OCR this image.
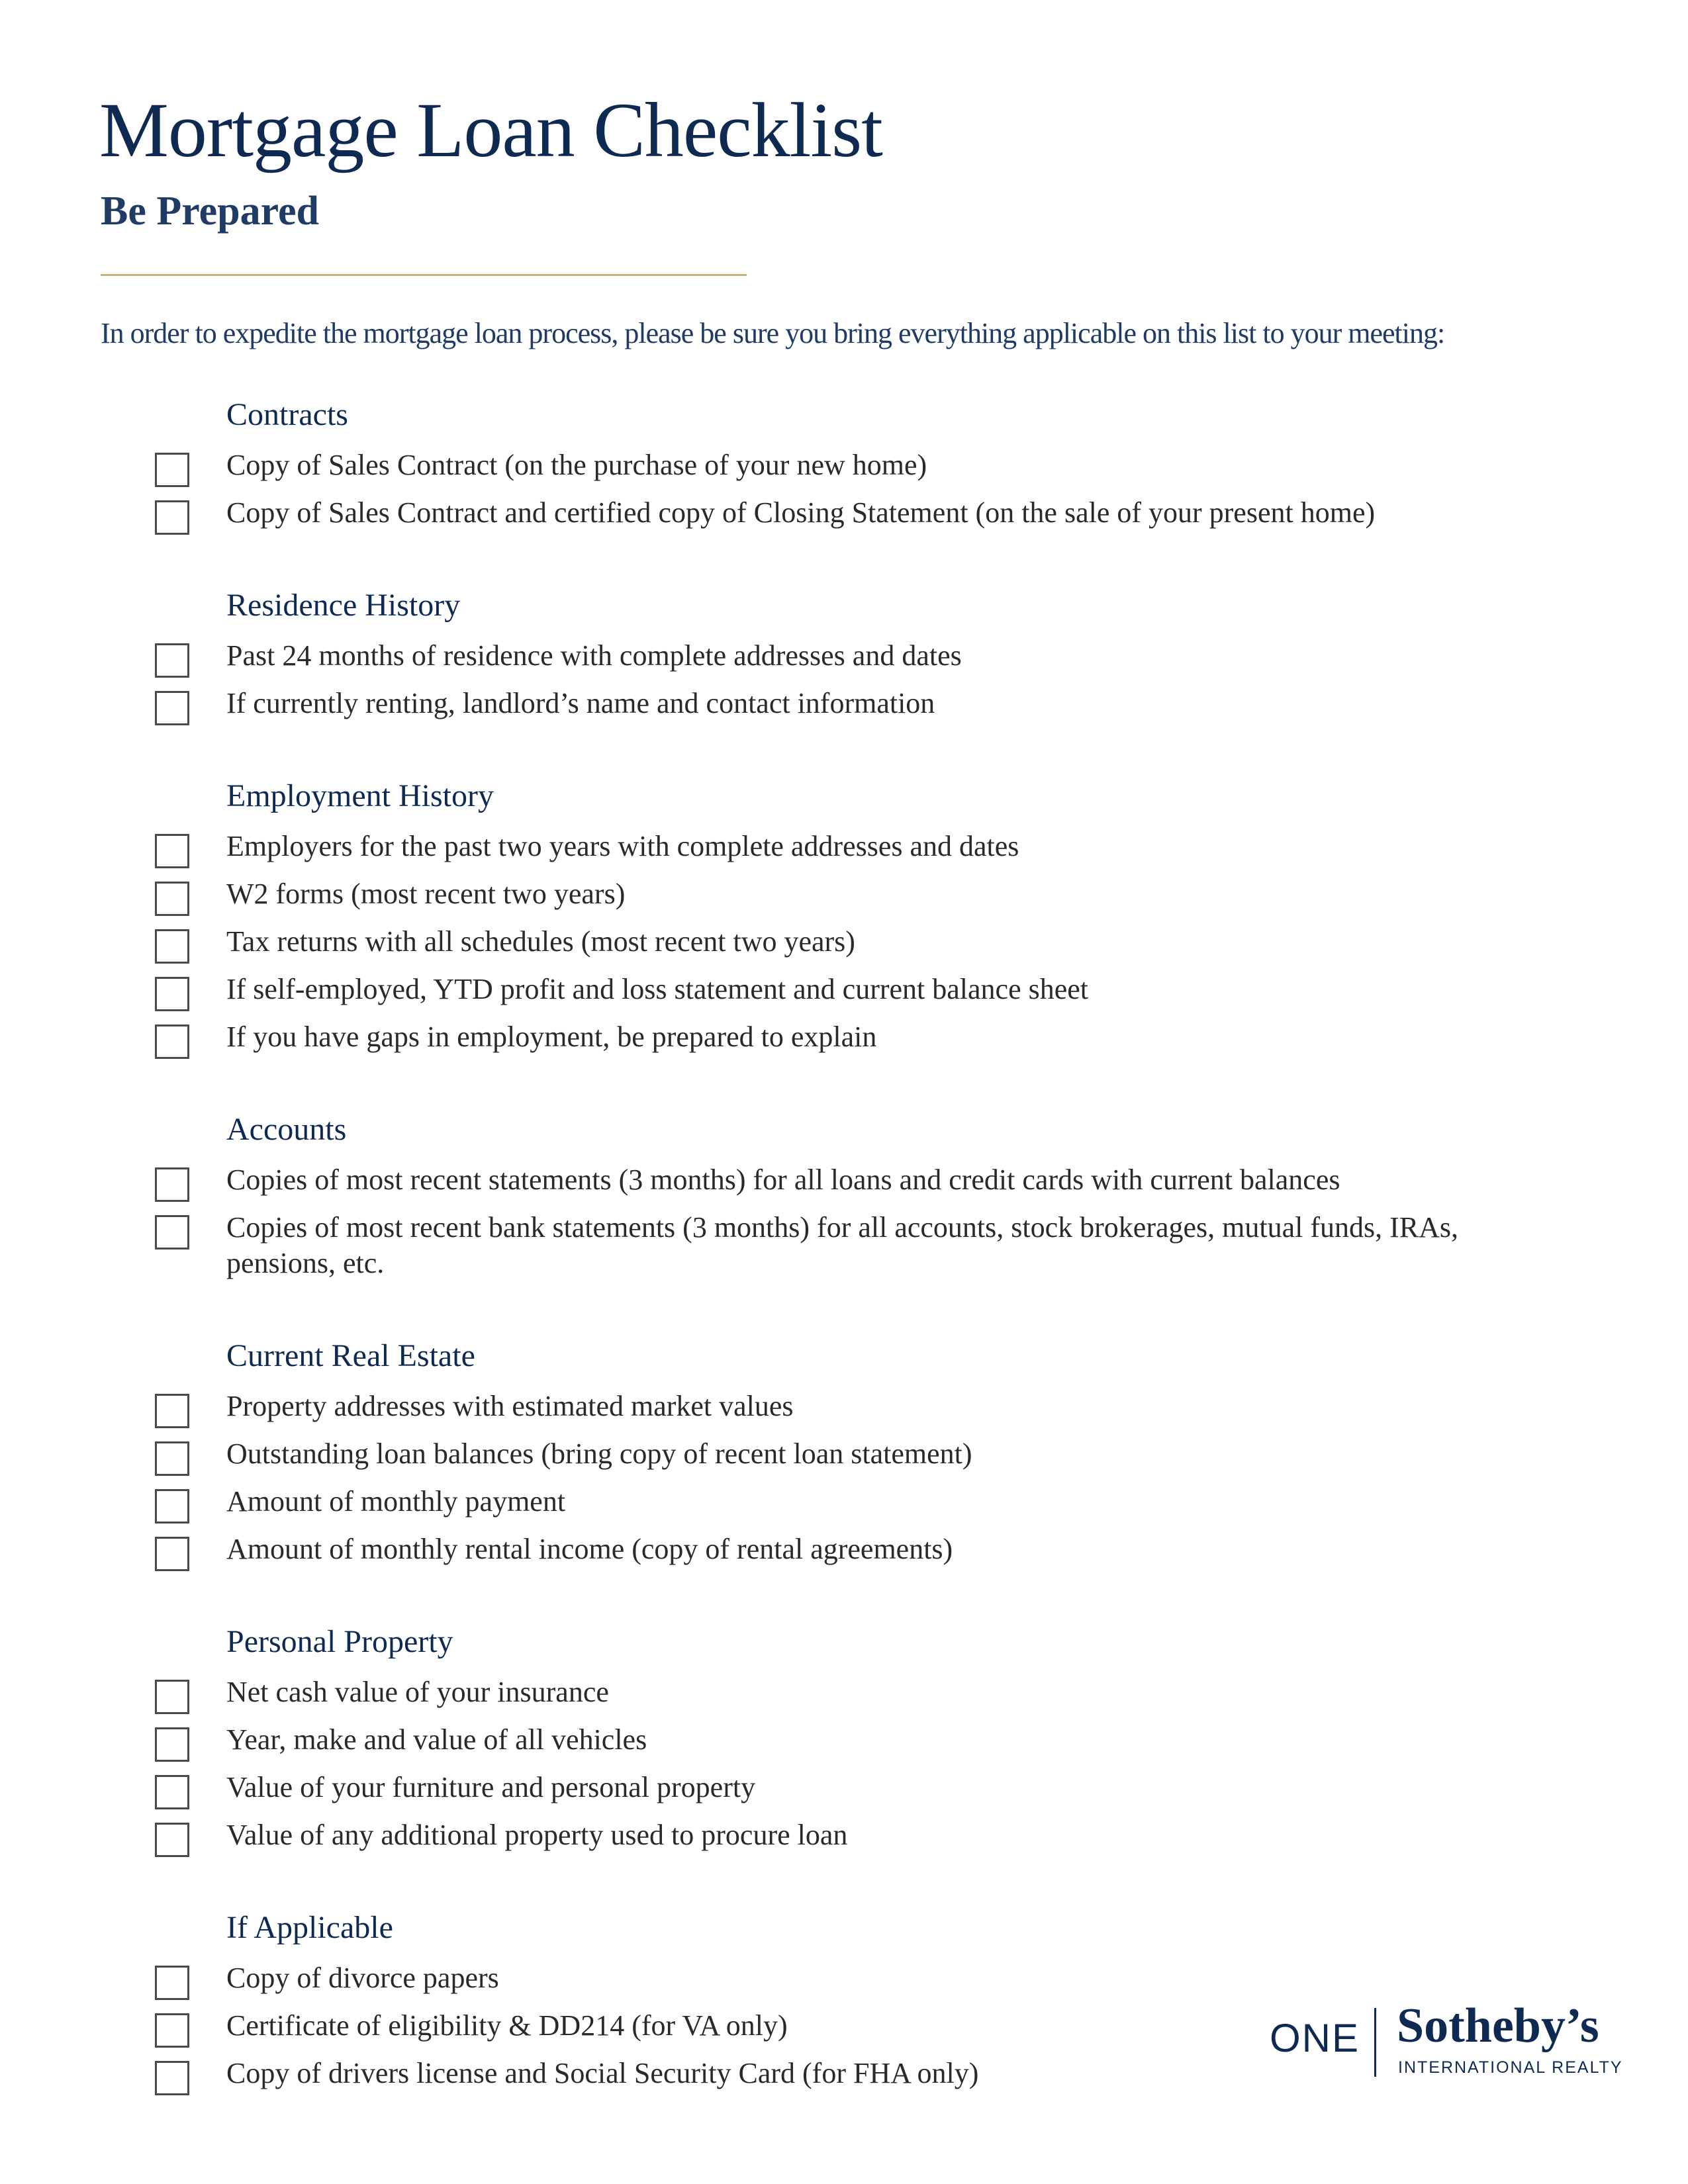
Mortgage Loan Checklist
Be Prepared

In order to expedite the mortgage loan process, please be sure you bring everything applicable on this list to your meeting:

Contracts

Copy of Sales Contract (on the purchase of your new home)

Copy of Sales Contract and certified copy of Closing Statement (on the sale of your present home)

Residence History

Past 24 months of residence with complete addresses and dates

If currently renting, landlord’s name and contact information

Employment History

Employers for the past two years with complete addresses and dates

W2 forms (most recent two years)

Tax returns with all schedules (most recent two years)

If self-employed, YTD profit and loss statement and current balance sheet

If you have gaps in employment, be prepared to explain

Accounts

Copies of most recent statements (3 months) for all loans and credit cards with current balances

Copies of most recent bank statements (3 months) for all accounts, stock brokerages, mutual funds, IRAs, pensions, etc.

Current Real Estate

Property addresses with estimated market values

Outstanding loan balances (bring copy of recent loan statement)

Amount of monthly payment

Amount of monthly rental income (copy of rental agreements)

Personal Property

Net cash value of your insurance

Year, make and value of all vehicles

Value of your furniture and personal property

Value of any additional property used to procure loan

If Applicable

Copy of divorce papers

Certificate of eligibility & DD214 (for VA only)

Copy of drivers license and Social Security Card (for FHA only)

ONE Sotheby’s
INTERNATIONAL REALTY
